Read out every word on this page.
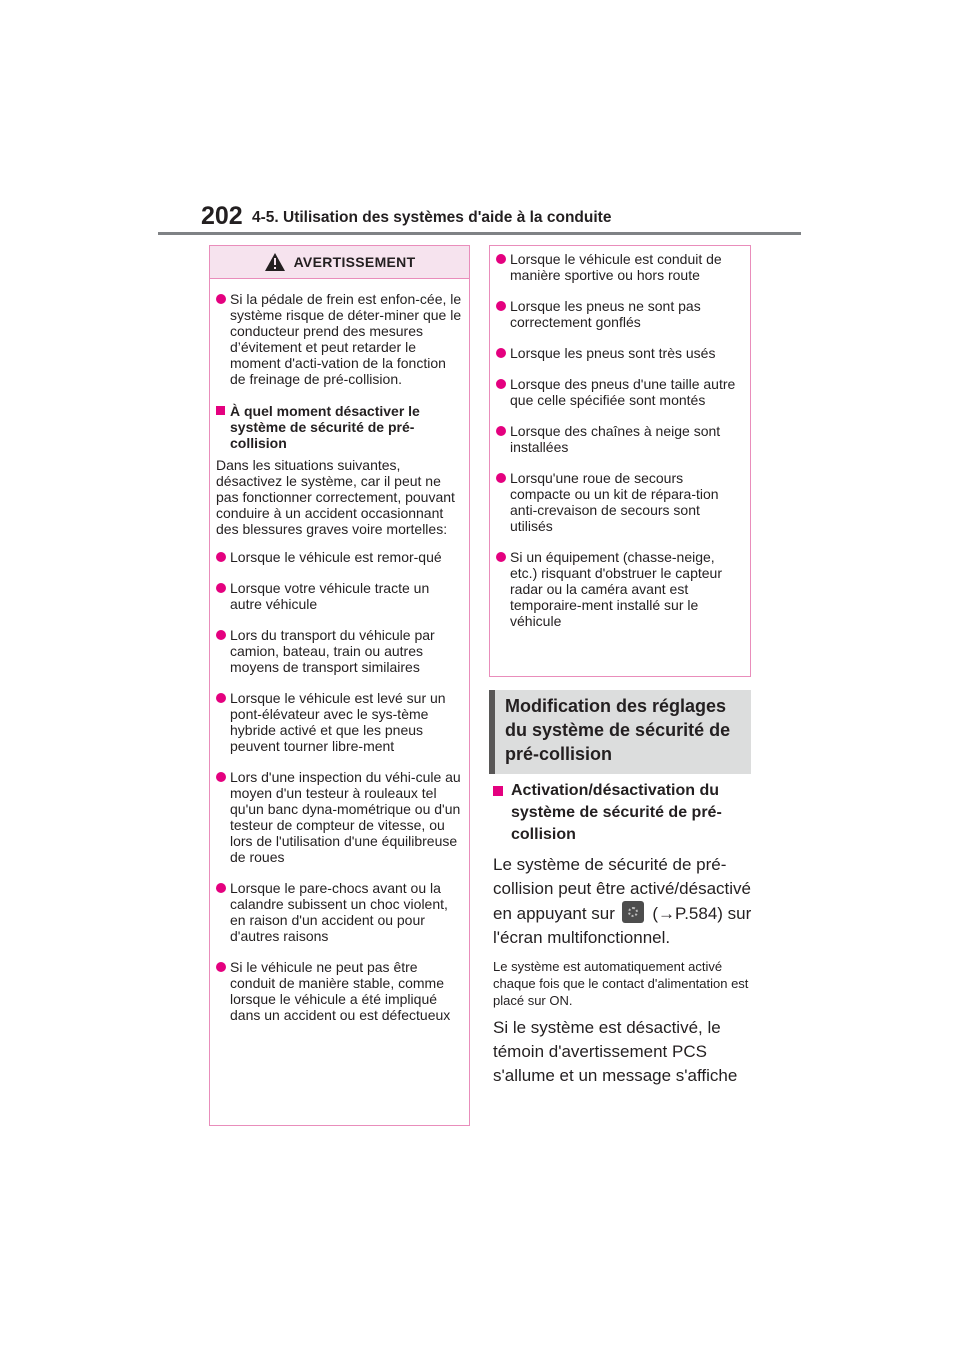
202 4-5. Utilisation des systèmes d'aide à la conduite
AVERTISSEMENT
Si la pédale de frein est enfon-cée, le système risque de déter-miner que le conducteur prend des mesures d’évitement et peut retarder le moment d'acti-vation de la fonction de freinage de pré-collision.
À quel moment désactiver le système de sécurité de pré-collision
Dans les situations suivantes, désactivez le système, car il peut ne pas fonctionner correctement, pouvant conduire à un accident occasionnant des blessures graves voire mortelles:
Lorsque le véhicule est remor-qué
Lorsque votre véhicule tracte un autre véhicule
Lors du transport du véhicule par camion, bateau, train ou autres moyens de transport similaires
Lorsque le véhicule est levé sur un pont-élévateur avec le sys-tème hybride activé et que les pneus peuvent tourner libre-ment
Lors d'une inspection du véhi-cule au moyen d'un testeur à rouleaux tel qu'un banc dyna-mométrique ou d'un testeur de compteur de vitesse, ou lors de l'utilisation d'une équilibreuse de roues
Lorsque le pare-chocs avant ou la calandre subissent un choc violent, en raison d'un accident ou pour d'autres raisons
Si le véhicule ne peut pas être conduit de manière stable, comme lorsque le véhicule a été impliqué dans un accident ou est défectueux
Lorsque le véhicule est conduit de manière sportive ou hors route
Lorsque les pneus ne sont pas correctement gonflés
Lorsque les pneus sont très usés
Lorsque des pneus d'une taille autre que celle spécifiée sont montés
Lorsque des chaînes à neige sont installées
Lorsqu'une roue de secours compacte ou un kit de répara-tion anti-crevaison de secours sont utilisés
Si un équipement (chasse-neige, etc.) risquant d'obstruer le capteur radar ou la caméra avant est temporaire-ment installé sur le véhicule
Modification des réglages du système de sécurité de pré-collision
Activation/désactivation du système de sécurité de pré-collision
Le système de sécurité de pré-collision peut être activé/désactivé en appuyant sur (→P.584) sur l'écran multifonctionnel.
Le système est automatiquement activé chaque fois que le contact d'alimentation est placé sur ON.
Si le système est désactivé, le témoin d'avertissement PCS s'allume et un message s'affiche
